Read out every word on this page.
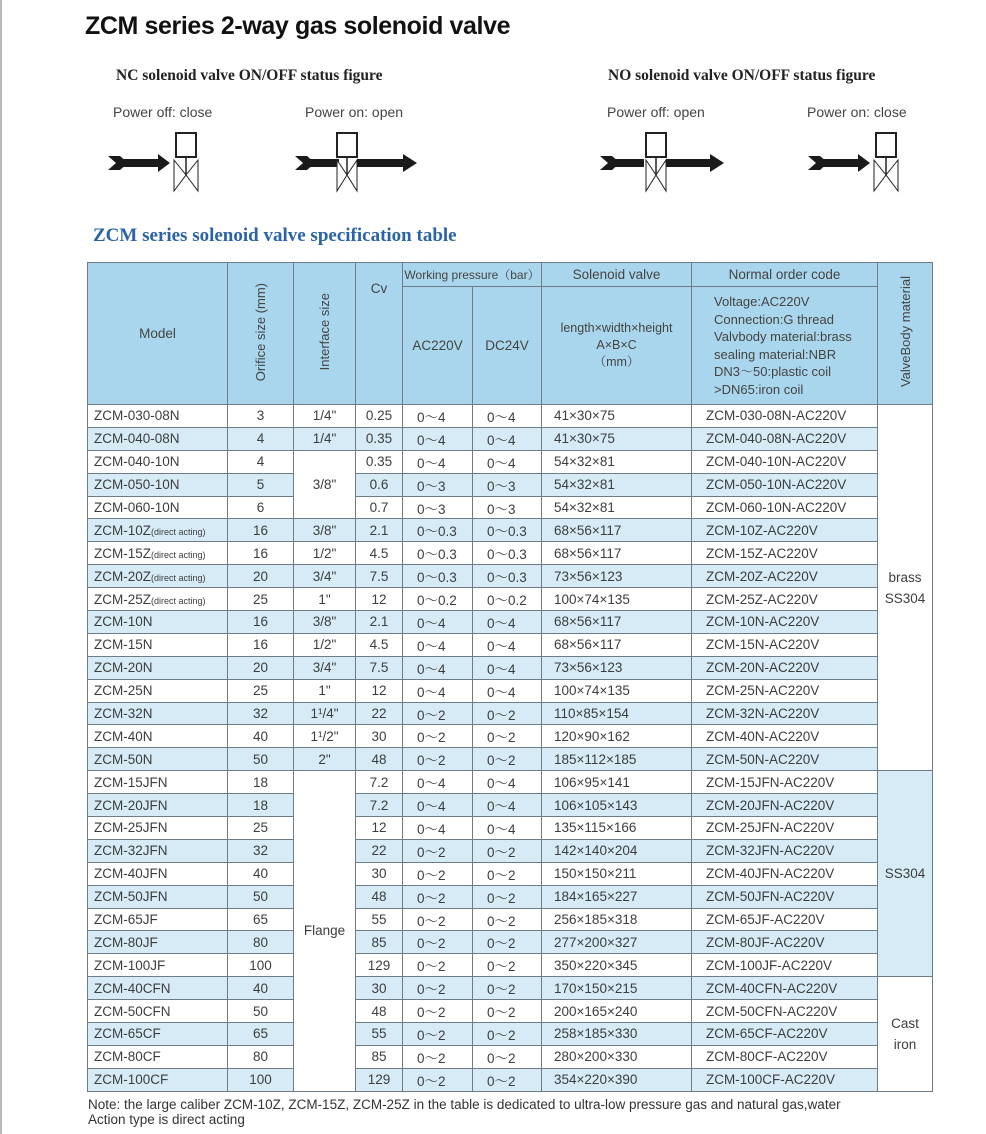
ZCM series 2-way gas solenoid valve
NC solenoid valve ON/OFF status figure
Power off: close	Power on: open
NO solenoid valve ON/OFF status figure
Power off: open	Power on: close
ZCM series solenoid valve specification table
Model	Orifice size (mm)	Interface size	Cv	Working pressure（bar）		Solenoid valve	Normal order code	ValveBody material
AC220V	DC24V	
length×width×height
A×B×C
（mm）

Voltage:AC220V
Connection:G thread
Valvbody material:brass
sealing material:NBR
DN3～50:plastic coil
>DN65:iron coil

ZCM-030-08N	3	1/4"	0.25	0～4	0～4	41×30×75	ZCM-030-08N-AC220V	brass
SS304

ZCM-040-08N	4	1/4"	0.35	0～4	0～4	41×30×75	ZCM-040-08N-AC220V	
ZCM-040-10N	4	3/8"	0.35	0～4	0～4	54×32×81	ZCM-040-10N-AC220V	
ZCM-050-10N	5		0.6	0～3	0～3	54×32×81	ZCM-050-10N-AC220V	
ZCM-060-10N	6		0.7	0～3	0～3	54×32×81	ZCM-060-10N-AC220V	
ZCM-10Z(direct acting)	16	3/8"	2.1	0～0.3	0～0.3	68×56×117	ZCM-10Z-AC220V	
ZCM-15Z(direct acting)	16	1/2"	4.5	0～0.3	0～0.3	68×56×117	ZCM-15Z-AC220V	
ZCM-20Z(direct acting)	20	3/4"	7.5	0～0.3	0～0.3	73×56×123	ZCM-20Z-AC220V	
ZCM-25Z(direct acting)	25	1"	12	0～0.2	0～0.2	100×74×135	ZCM-25Z-AC220V	
ZCM-10N	16	3/8"	2.1	0～4	0～4	68×56×117	ZCM-10N-AC220V	
ZCM-15N	16	1/2"	4.5	0～4	0～4	68×56×117	ZCM-15N-AC220V	
ZCM-20N	20	3/4"	7.5	0～4	0～4	73×56×123	ZCM-20N-AC220V	
ZCM-25N	25	1"	12	0～4	0～4	100×74×135	ZCM-25N-AC220V	
ZCM-32N	32	1¹/4"	22	0～2	0～2	110×85×154	ZCM-32N-AC220V	
ZCM-40N	40	1¹/2"	30	0～2	0～2	120×90×162	ZCM-40N-AC220V	
ZCM-50N	50	2"	48	0～2	0～2	185×112×185	ZCM-50N-AC220V	
ZCM-15JFN	18	Flange	7.2	0～4	0～4	106×95×141	ZCM-15JFN-AC220V	SS304
ZCM-20JFN	18		7.2	0～4	0～4	106×105×143	ZCM-20JFN-AC220V	
ZCM-25JFN	25		12	0～4	0～4	135×115×166	ZCM-25JFN-AC220V	
ZCM-32JFN	32		22	0～2	0～2	142×140×204	ZCM-32JFN-AC220V	
ZCM-40JFN	40		30	0～2	0～2	150×150×211	ZCM-40JFN-AC220V	
ZCM-50JFN	50		48	0～2	0～2	184×165×227	ZCM-50JFN-AC220V	
ZCM-65JF	65		55	0～2	0～2	256×185×318	ZCM-65JF-AC220V	
ZCM-80JF	80		85	0～2	0～2	277×200×327	ZCM-80JF-AC220V	
ZCM-100JF	100		129	0～2	0～2	350×220×345	ZCM-100JF-AC220V	
ZCM-40CFN	40		30	0～2	0～2	170×150×215	ZCM-40CFN-AC220V	Cast
iron

ZCM-50CFN	50		48	0～2	0～2	200×165×240	ZCM-50CFN-AC220V	
ZCM-65CF	65		55	0～2	0～2	258×185×330	ZCM-65CF-AC220V	
ZCM-80CF	80		85	0～2	0～2	280×200×330	ZCM-80CF-AC220V	
ZCM-100CF	100		129	0～2	0～2	354×220×390	ZCM-100CF-AC220V	
Note: the large caliber ZCM-10Z, ZCM-15Z, ZCM-25Z in the table is dedicated to ultra-low pressure gas and natural gas,water
Action type is direct acting
